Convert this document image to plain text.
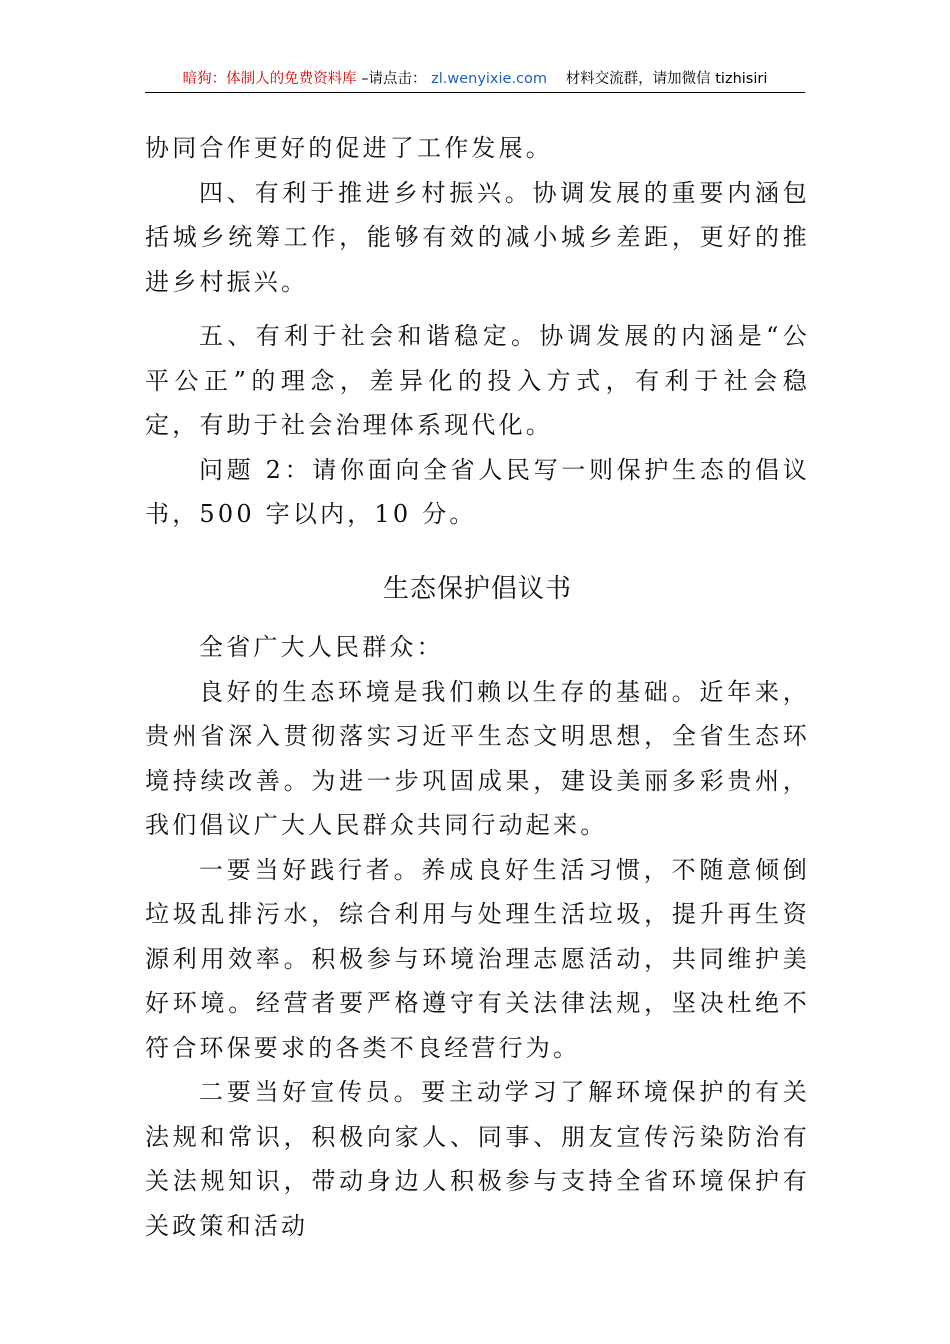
暗狗：体制人的免费资料库 –请点击： zl.wenyixie.com 材料交流群，请加微信 tizhisiri

协同合作更好的促进了工作发展。

四、有利于推进乡村振兴。协调发展的重要内涵包括城乡统筹工作，能够有效的减小城乡差距，更好的推进乡村振兴。

五、有利于社会和谐稳定。协调发展的内涵是“公平公正”的理念，差异化的投入方式，有利于社会稳定，有助于社会治理体系现代化。

问题 2：请你面向全省人民写一则保护生态的倡议书，500 字以内，10 分。

生态保护倡议书

全省广大人民群众：

良好的生态环境是我们赖以生存的基础。近年来，贵州省深入贯彻落实习近平生态文明思想，全省生态环境持续改善。为进一步巩固成果，建设美丽多彩贵州，我们倡议广大人民群众共同行动起来。

一要当好践行者。养成良好生活习惯，不随意倾倒垃圾乱排污水，综合利用与处理生活垃圾，提升再生资源利用效率。积极参与环境治理志愿活动，共同维护美好环境。经营者要严格遵守有关法律法规，坚决杜绝不符合环保要求的各类不良经营行为。

二要当好宣传员。要主动学习了解环境保护的有关法规和常识，积极向家人、同事、朋友宣传污染防治有关法规知识，带动身边人积极参与支持全省环境保护有关政策和活动
